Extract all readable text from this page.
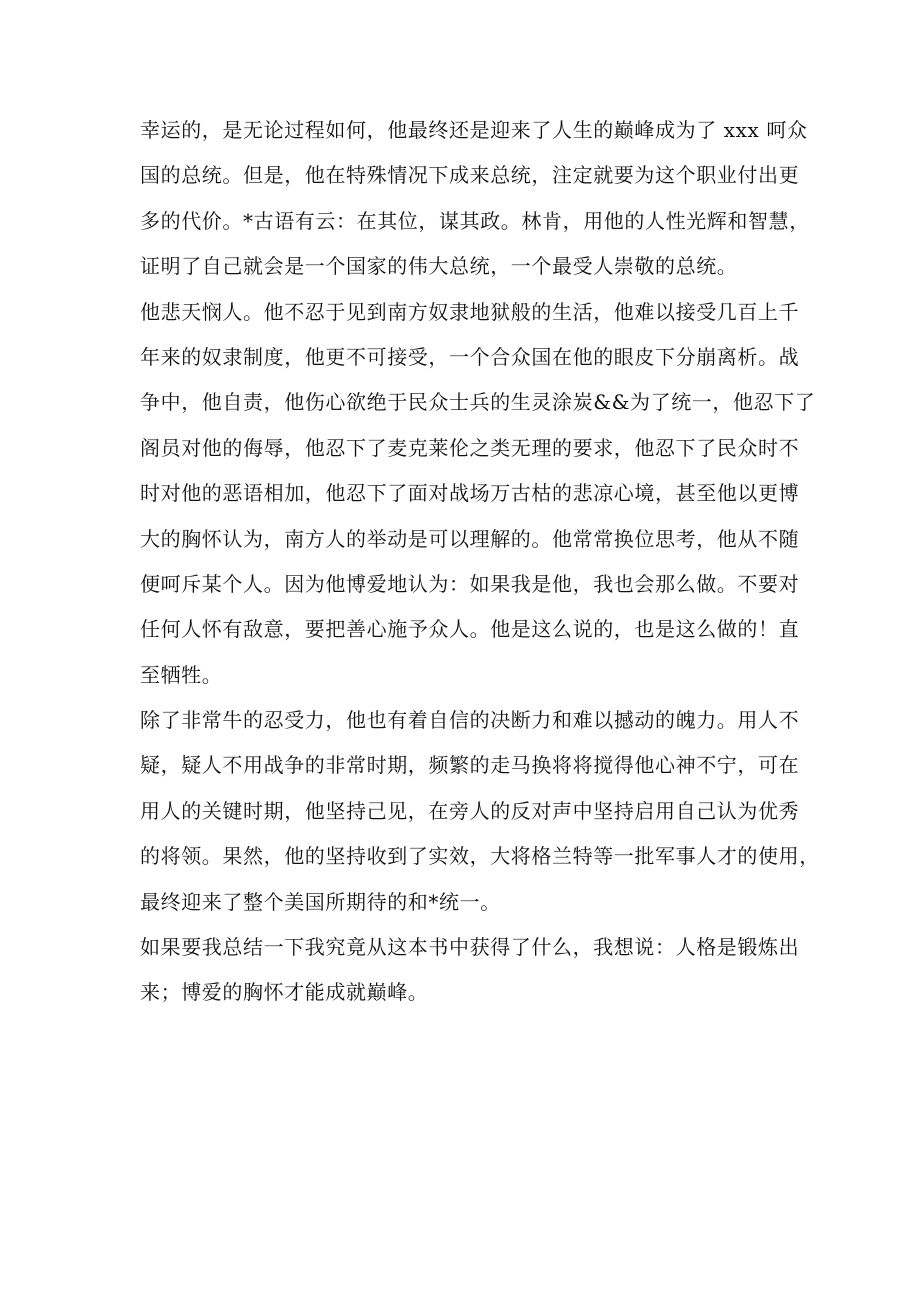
幸运的，是无论过程如何，他最终还是迎来了人生的巅峰成为了 xxx 呵众
国的总统。但是，他在特殊情况下成来总统，注定就要为这个职业付出更
多的代价。*古语有云：在其位，谋其政。林肯，用他的人性光辉和智慧，
证明了自己就会是一个国家的伟大总统，一个最受人崇敬的总统。
他悲天悯人。他不忍于见到南方奴隶地狱般的生活，他难以接受几百上千
年来的奴隶制度，他更不可接受，一个合众国在他的眼皮下分崩离析。战
争中，他自责，他伤心欲绝于民众士兵的生灵涂炭&&为了统一，他忍下了
阁员对他的侮辱，他忍下了麦克莱伦之类无理的要求，他忍下了民众时不
时对他的恶语相加，他忍下了面对战场万古枯的悲凉心境，甚至他以更博
大的胸怀认为，南方人的举动是可以理解的。他常常换位思考，他从不随
便呵斥某个人。因为他博爱地认为：如果我是他，我也会那么做。不要对
任何人怀有敌意，要把善心施予众人。他是这么说的，也是这么做的！直
至牺牲。
除了非常牛的忍受力，他也有着自信的决断力和难以撼动的魄力。用人不
疑，疑人不用战争的非常时期，频繁的走马换将将搅得他心神不宁，可在
用人的关键时期，他坚持己见，在旁人的反对声中坚持启用自己认为优秀
的将领。果然，他的坚持收到了实效，大将格兰特等一批军事人才的使用，
最终迎来了整个美国所期待的和*统一。
如果要我总结一下我究竟从这本书中获得了什么，我想说：人格是锻炼出
来；博爱的胸怀才能成就巅峰。
